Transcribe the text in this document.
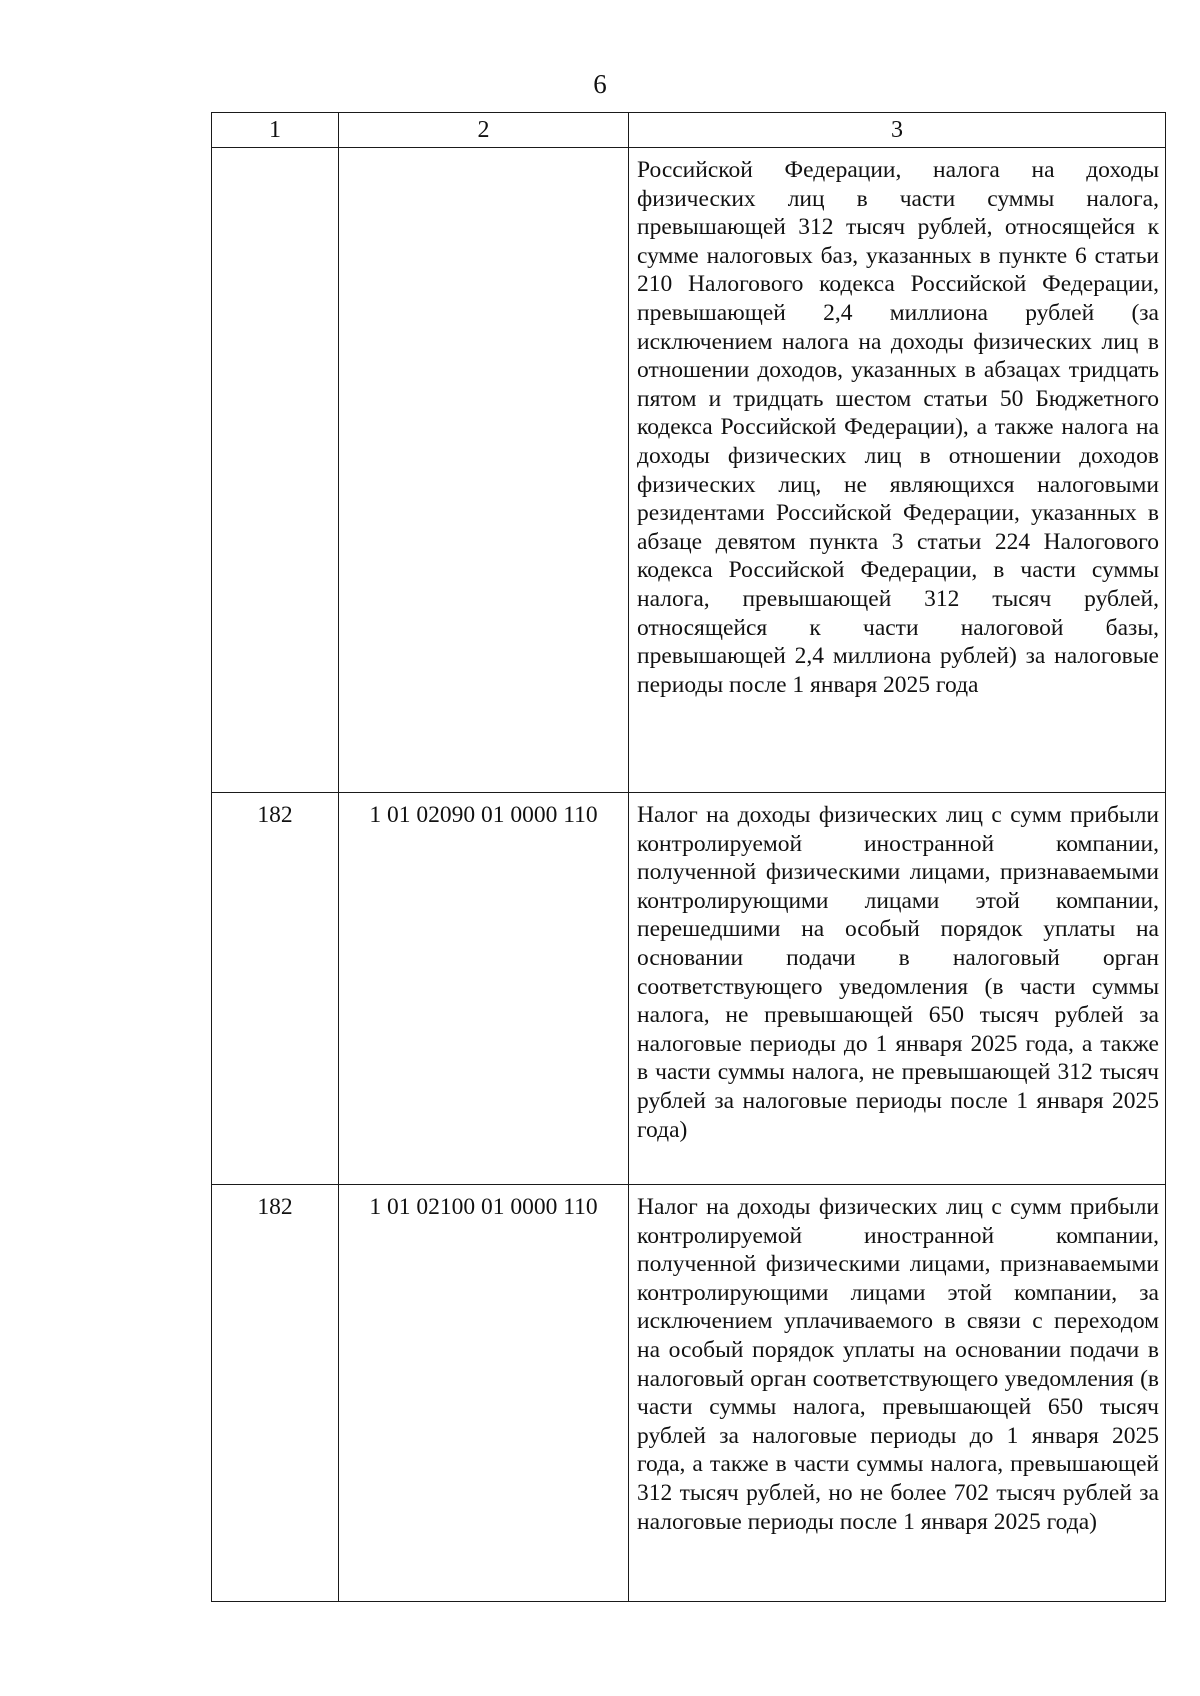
6
1	2	3
		Российской Федерации, налога на доходы физических лиц в части суммы налога, превышающей 312 тысяч рублей, относящейся к сумме налоговых баз, указанных в пункте 6 статьи 210 Налогового кодекса Российской Федерации, превышающей 2,4 миллиона рублей (за исключением налога на доходы физических лиц в отношении доходов, указанных в абзацах тридцать пятом и тридцать шестом статьи 50 Бюджетного кодекса Российской Федерации), а также налога на доходы физических лиц в отношении доходов физических лиц, не являющихся налоговыми резидентами Российской Федерации, указанных в абзаце девятом пункта 3 статьи 224 Налогового кодекса Российской Федерации, в части суммы налога, превышающей 312 тысяч рублей, относящейся к части налоговой базы, превышающей 2,4 миллиона рублей) за налоговые периоды после 1 января 2025 года
182	1 01 02090 01 0000 110	Налог на доходы физических лиц с сумм прибыли контролируемой иностранной компании, полученной физическими лицами, признаваемыми контролирующими лицами этой компании, перешедшими на особый порядок уплаты на основании подачи в налоговый орган соответствующего уведомления (в части суммы налога, не превышающей 650 тысяч рублей за налоговые периоды до 1 января 2025 года, а также в части суммы налога, не превышающей 312 тысяч рублей за налоговые периоды после 1 января 2025 года)
182	1 01 02100 01 0000 110	Налог на доходы физических лиц с сумм прибыли контролируемой иностранной компании, полученной физическими лицами, признаваемыми контролирующими лицами этой компании, за исключением уплачиваемого в связи с переходом на особый порядок уплаты на основании подачи в налоговый орган соответствующего уведомления (в части суммы налога, превышающей 650 тысяч рублей за налоговые периоды до 1 января 2025 года, а также в части суммы налога, превышающей 312 тысяч рублей, но не более 702 тысяч рублей за налоговые периоды после 1 января 2025 года)
